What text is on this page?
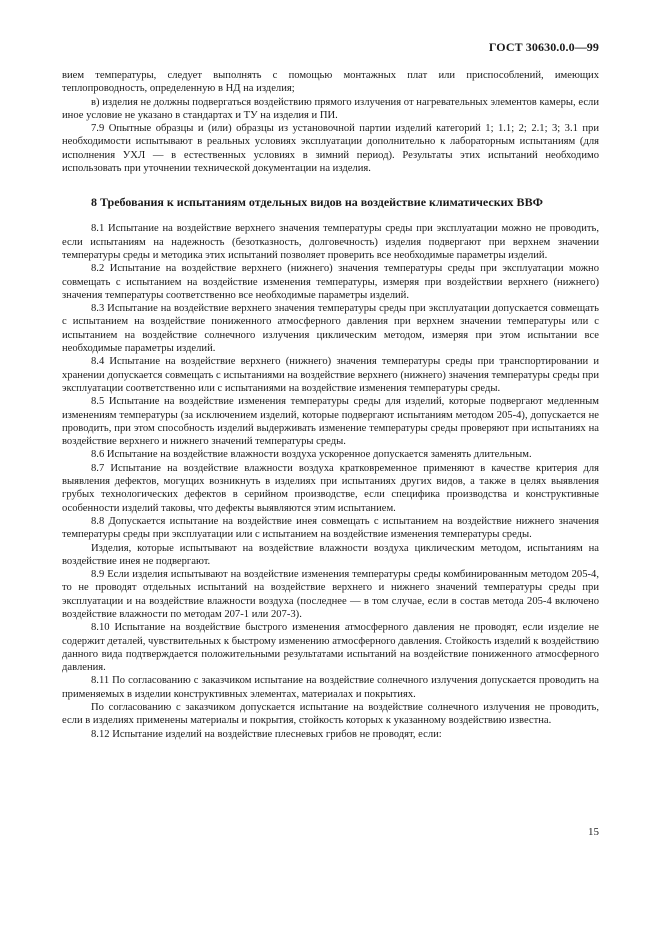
ГОСТ 30630.0.0—99

вием температуры, следует выполнять с помощью монтажных плат или приспособлений, имеющих теплопроводность, определенную в НД на изделия;

в) изделия не должны подвергаться воздействию прямого излучения от нагревательных элементов камеры, если иное условие не указано в стандартах и ТУ на изделия и ПИ.

7.9 Опытные образцы и (или) образцы из установочной партии изделий категорий 1; 1.1; 2; 2.1; 3; 3.1 при необходимости испытывают в реальных условиях эксплуатации дополнительно к лабораторным испытаниям (для исполнения УХЛ — в естественных условиях в зимний период). Результаты этих испытаний необходимо использовать при уточнении технической документации на изделия.

8 Требования к испытаниям отдельных видов на воздействие климатических ВВФ

8.1 Испытание на воздействие верхнего значения температуры среды при эксплуатации можно не проводить, если испытаниям на надежность (безотказность, долговечность) изделия подвергают при верхнем значении температуры среды и методика этих испытаний позволяет проверить все необходимые параметры изделий.

8.2 Испытание на воздействие верхнего (нижнего) значения температуры среды при эксплуатации можно совмещать с испытанием на воздействие изменения температуры, измеряя при воздействии верхнего (нижнего) значения температуры соответственно все необходимые параметры изделий.

8.3 Испытание на воздействие верхнего значения температуры среды при эксплуатации допускается совмещать с испытанием на воздействие пониженного атмосферного давления при верхнем значении температуры или с испытанием на воздействие солнечного излучения циклическим методом, измеряя при этом испытании все необходимые параметры изделий.

8.4 Испытание на воздействие верхнего (нижнего) значения температуры среды при транспортировании и хранении допускается совмещать с испытаниями на воздействие верхнего (нижнего) значения температуры среды при эксплуатации соответственно или с испытаниями на воздействие изменения температуры среды.

8.5 Испытание на воздействие изменения температуры среды для изделий, которые подвергают медленным изменениям температуры (за исключением изделий, которые подвергают испытаниям методом 205-4), допускается не проводить, при этом способность изделий выдерживать изменение температуры среды проверяют при испытаниях на воздействие верхнего и нижнего значений температуры среды.

8.6 Испытание на воздействие влажности воздуха ускоренное допускается заменять длительным.

8.7 Испытание на воздействие влажности воздуха кратковременное применяют в качестве критерия для выявления дефектов, могущих возникнуть в изделиях при испытаниях других видов, а также в целях выявления грубых технологических дефектов в серийном производстве, если специфика производства и конструктивные особенности изделий таковы, что дефекты выявляются этим испытанием.

8.8 Допускается испытание на воздействие инея совмещать с испытанием на воздействие нижнего значения температуры среды при эксплуатации или с испытанием на воздействие изменения температуры среды.

Изделия, которые испытывают на воздействие влажности воздуха циклическим методом, испытаниям на воздействие инея не подвергают.

8.9 Если изделия испытывают на воздействие изменения температуры среды комбинированным методом 205-4, то не проводят отдельных испытаний на воздействие верхнего и нижнего значений температуры среды при эксплуатации и на воздействие влажности воздуха (последнее — в том случае, если в состав метода 205-4 включено воздействие влажности по методам 207-1 или 207-3).

8.10 Испытание на воздействие быстрого изменения атмосферного давления не проводят, если изделие не содержит деталей, чувствительных к быстрому изменению атмосферного давления. Стойкость изделий к воздействию данного вида подтверждается положительными результатами испытаний на воздействие пониженного атмосферного давления.

8.11 По согласованию с заказчиком испытание на воздействие солнечного излучения допускается проводить на применяемых в изделии конструктивных элементах, материалах и покрытиях.

По согласованию с заказчиком допускается испытание на воздействие солнечного излучения не проводить, если в изделиях применены материалы и покрытия, стойкость которых к указанному воздействию известна.

8.12 Испытание изделий на воздействие плесневых грибов не проводят, если:

15
